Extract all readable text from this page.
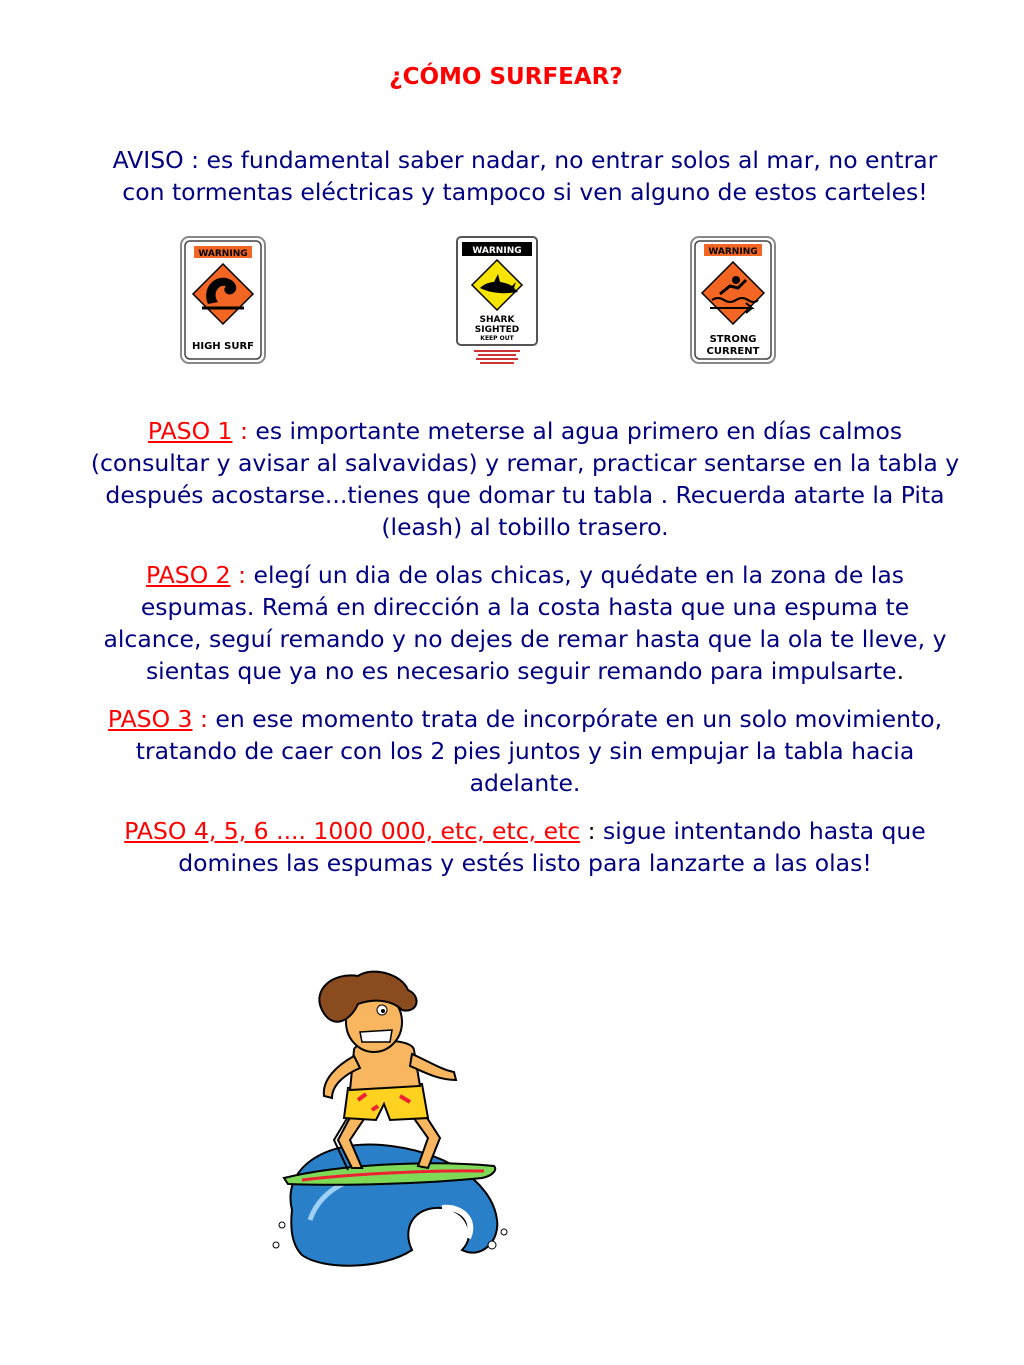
¿CÓMO SURFEAR?
AVISO : es fundamental saber nadar, no entrar solos al mar, no entrar con tormentas eléctricas y tampoco si ven alguno de estos carteles!
WARNING
HIGH SURF
WARNING
SHARK
SIGHTED
KEEP OUT
WARNING
STRONG
CURRENT
PASO 1 : es importante meterse al agua primero en días calmos (consultar y avisar al salvavidas) y remar, practicar sentarse en la tabla y después acostarse...tienes que domar tu tabla . Recuerda atarte la Pita (leash) al tobillo trasero.
PASO 2 : elegí un dia de olas chicas, y quédate en la zona de las espumas. Remá en dirección a la costa hasta que una espuma te alcance, seguí remando y no dejes de remar hasta que la ola te lleve, y sientas que ya no es necesario seguir remando para impulsarte.
PASO 3 : en ese momento trata de incorpórate en un solo movimiento, tratando de caer con los 2 pies juntos y sin empujar la tabla hacia adelante.
PASO 4, 5, 6 .... 1000 000, etc, etc, etc : sigue intentando hasta que domines las espumas y estés listo para lanzarte a las olas!
